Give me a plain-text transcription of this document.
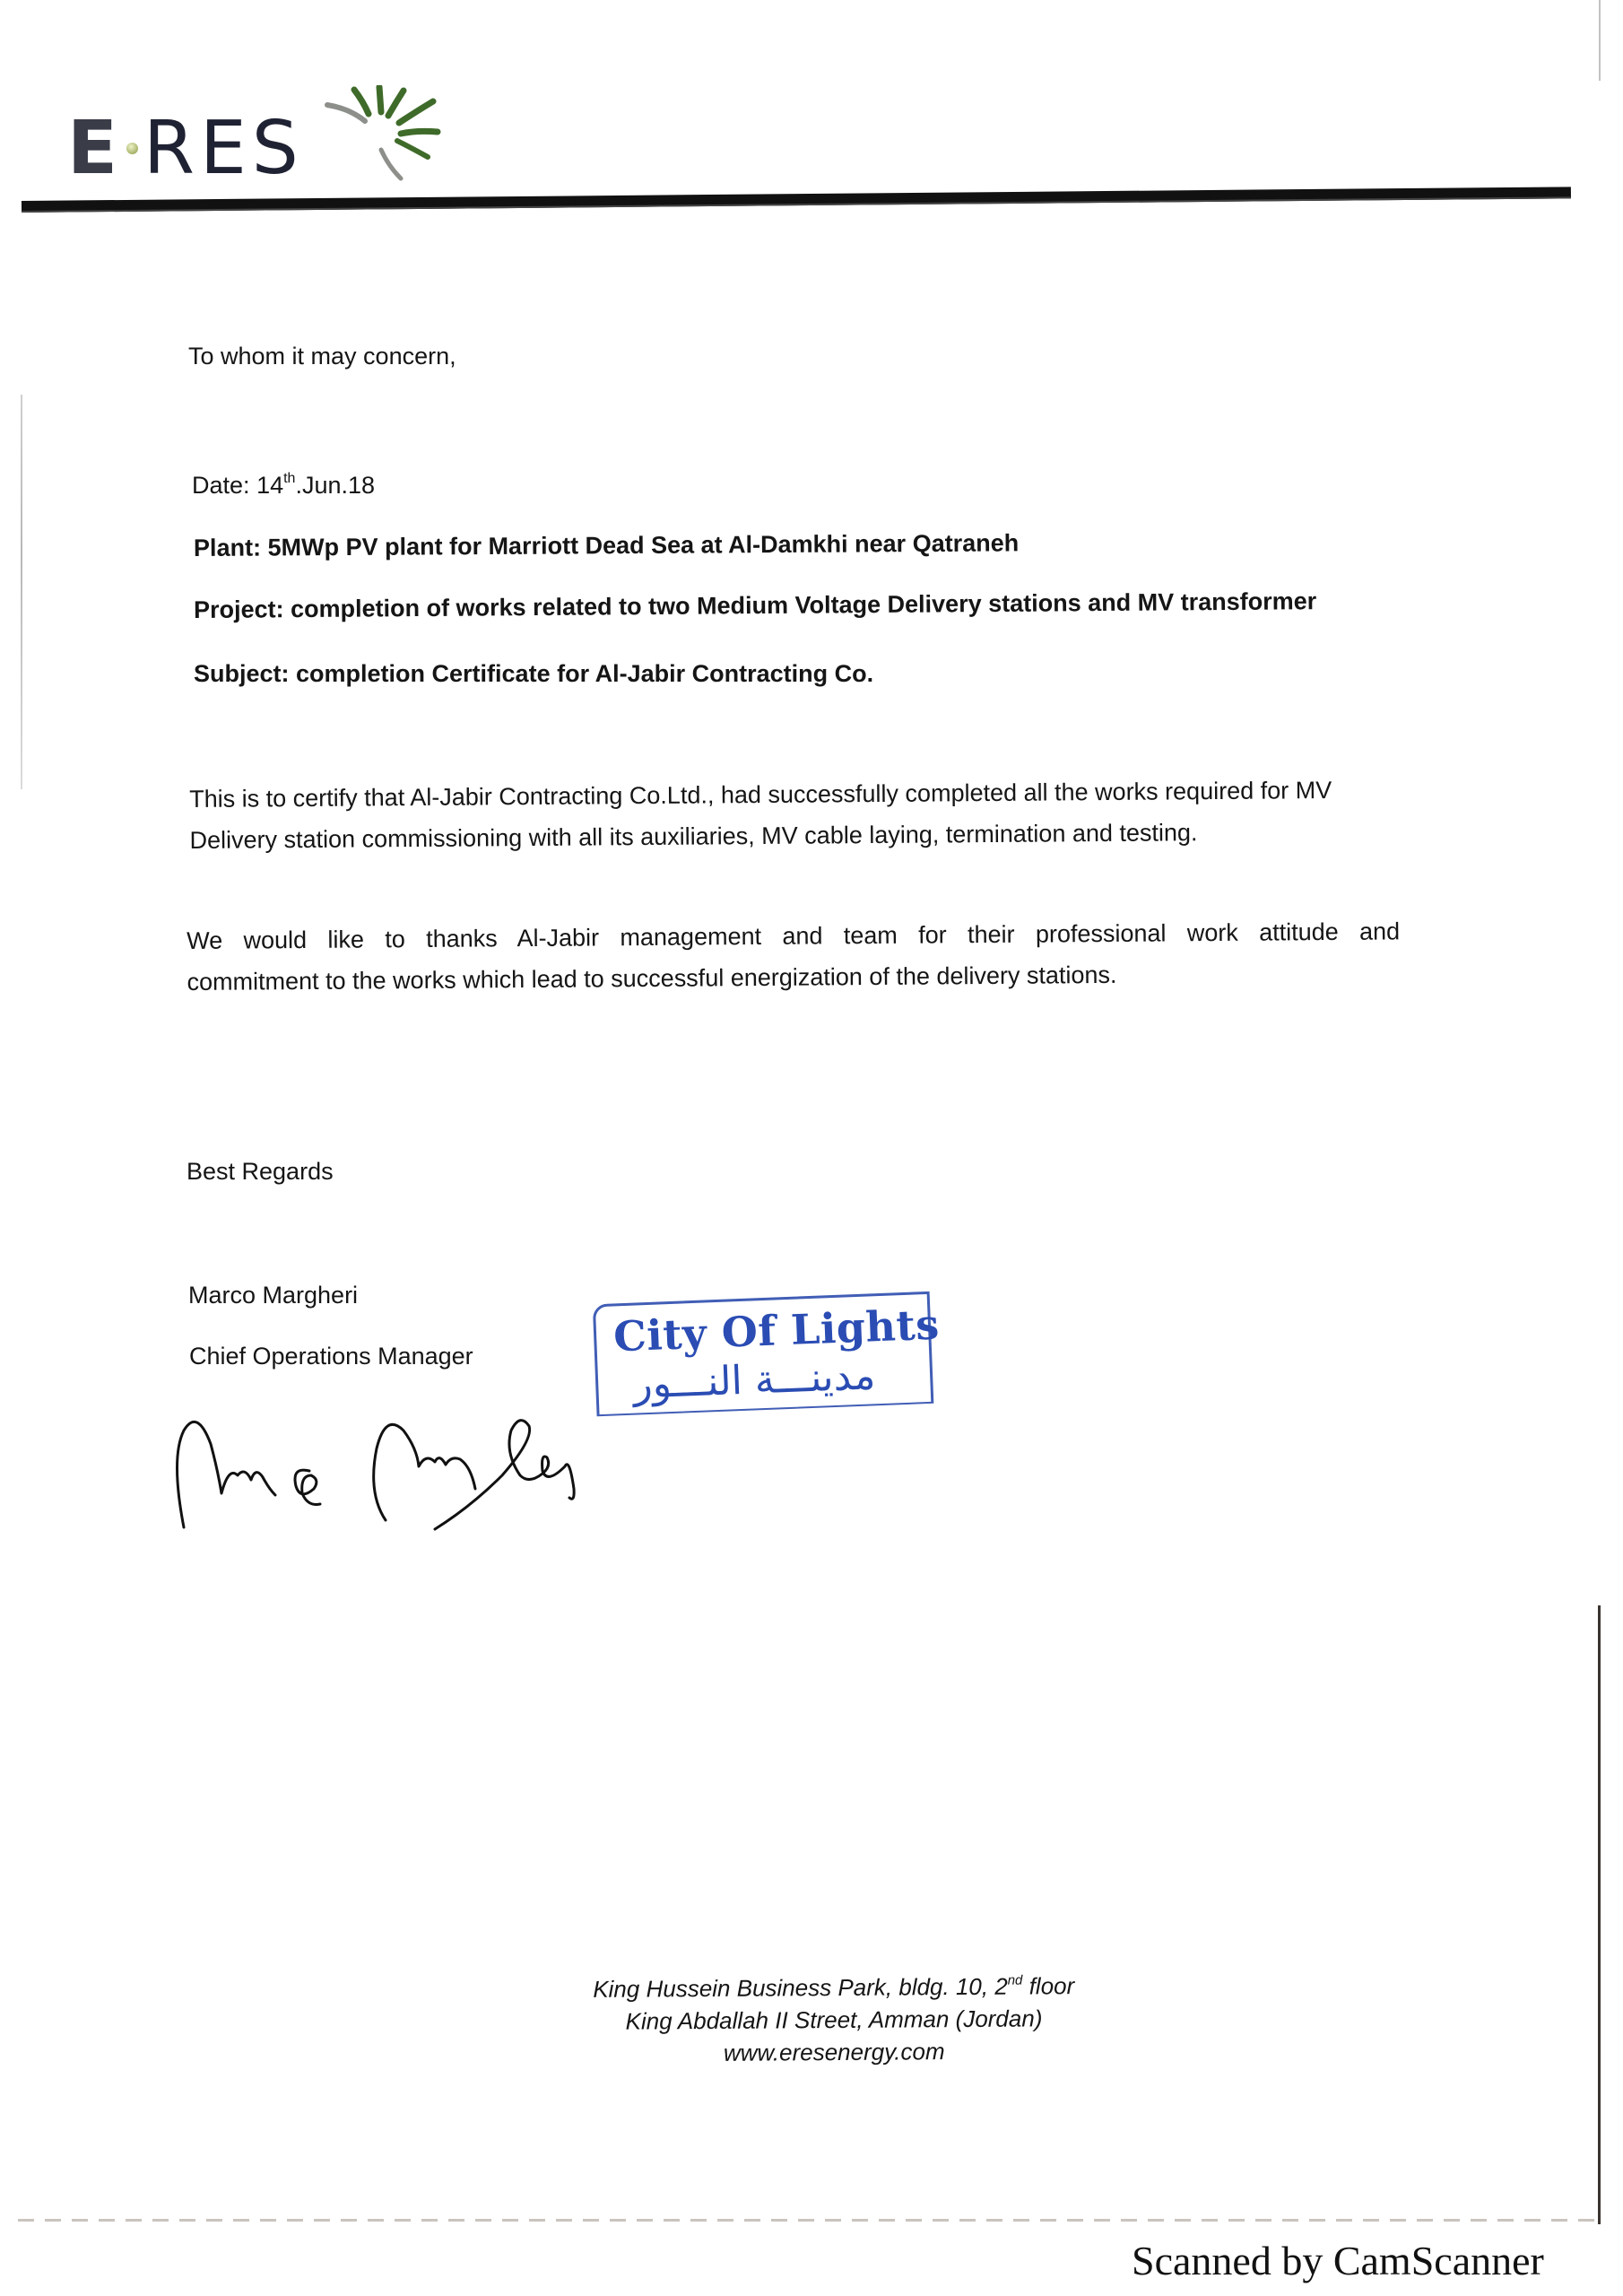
E RES
To whom it may concern,
Date: 14th.Jun.18
Plant: 5MWp PV plant for Marriott Dead Sea at Al-Damkhi near Qatraneh
Project: completion of works related to two Medium Voltage Delivery stations and MV transformer
Subject: completion Certificate for Al-Jabir Contracting Co.
This is to certify that Al-Jabir Contracting Co.Ltd., had successfully completed all the works required for MV
Delivery station commissioning with all its auxiliaries, MV cable laying, termination and testing.
We would like to thanks Al-Jabir management and team for their professional work attitude and
commitment to the works which lead to successful energization of the delivery stations.
Best Regards
Marco Margheri
Chief Operations Manager	City Of Lights
مدينـــة النـــور
King Hussein Business Park, bldg. 10, 2nd floor
King Abdallah II Street, Amman (Jordan)
www.eresenergy.com
Scanned by CamScanner
